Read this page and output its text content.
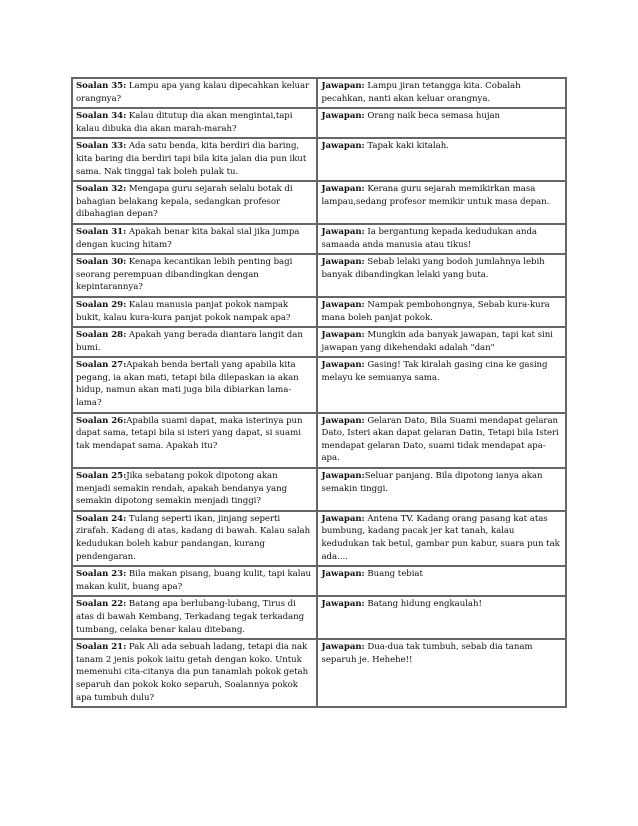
Soalan 35: Lampu apa yang kalau dipecahkan keluar orangnya?	Jawapan: Lampu jiran tetangga kita. Cobalah pecahkan, nanti akan keluar orangnya.
Soalan 34: Kalau ditutup dia akan mengintai,tapi kalau dibuka dia akan marah-marah?	Jawapan: Orang naik beca semasa hujan
Soalan 33: Ada satu benda, kita berdiri dia baring, kita baring dia berdiri tapi bila kita jalan dia pun ikut sama. Nak tinggal tak boleh pulak tu.	Jawapan: Tapak kaki kitalah.
Soalan 32: Mengapa guru sejarah selalu botak di bahagian belakang kepala, sedangkan profesor dibahagian depan?	Jawapan: Kerana guru sejarah memikirkan masa lampau,sedang profesor memikir untuk masa depan.
Soalan 31: Apakah benar kita bakal sial jika jumpa dengan kucing hitam?	Jawapan: Ia bergantung kepada kedudukan anda samaada anda manusia atau tikus!
Soalan 30: Kenapa kecantikan lebih penting bagi seorang perempuan dibandingkan dengan kepintarannya?	Jawapan: Sebab lelaki yang bodoh jumlahnya lebih banyak dibandingkan lelaki yang buta.
Soalan 29: Kalau manusia panjat pokok nampak bukit, kalau kura-kura panjat pokok nampak apa?	Jawapan: Nampak pembohongnya, Sebab kura-kura mana boleh panjat pokok.
Soalan 28: Apakah yang berada diantara langit dan bumi.	Jawapan: Mungkin ada banyak jawapan, tapi kat sini jawapan yang dikehendaki adalah "dan"
Soalan 27:Apakah benda bertali yang apabila kita pegang, ia akan mati, tetapi bila dilepaskan ia akan hidup, namun akan mati juga bila dibiarkan lama-lama?	Jawapan: Gasing! Tak kiralah gasing cina ke gasing melayu ke semuanya sama.
Soalan 26:Apabila suami dapat, maka isterinya pun dapat sama, tetapi bila si isteri yang dapat, si suami tak mendapat sama. Apakah itu?	Jawapan: Gelaran Dato, Bila Suami mendapat gelaran Dato, Isteri akan dapat gelaran Datin, Tetapi bila Isteri mendapat gelaran Dato, suami tidak mendapat apa-apa.
Soalan 25:Jika sebatang pokok dipotong akan menjadi semakin rendah, apakah bendanya yang semakin dipotong semakin menjadi tinggi?	Jawapan:Seluar panjang. Bila dipotong ianya akan semakin tinggi.
Soalan 24: Tulang seperti ikan, jinjang seperti zirafah. Kadang di atas, kadang di bawah. Kalau salah kedudukan boleh kabur pandangan, kurang pendengaran.	Jawapan: Antena TV. Kadang orang pasang kat atas bumbung, kadang pacak jer kat tanah, kalau kedudukan tak betul, gambar pun kabur, suara pun tak ada....
Soalan 23: Bila makan pisang, buang kulit, tapi kalau makan kulit, buang apa?	Jawapan: Buang tebiat
Soalan 22: Batang apa berlubang-lubang, Tirus di atas di bawah Kembang, Terkadang tegak terkadang tumbang, celaka benar kalau ditebang.	Jawapan: Batang hidung engkaulah!
Soalan 21: Pak Ali ada sebuah ladang, tetapi dia nak tanam 2 jenis pokok iaitu getah dengan koko. Untuk memenuhi cita-citanya dia pun tanamlah pokok getah separuh dan pokok koko separuh, Soalannya pokok apa tumbuh dulu?	Jawapan: Dua-dua tak tumbuh, sebab dia tanam separuh je. Hehehe!!
